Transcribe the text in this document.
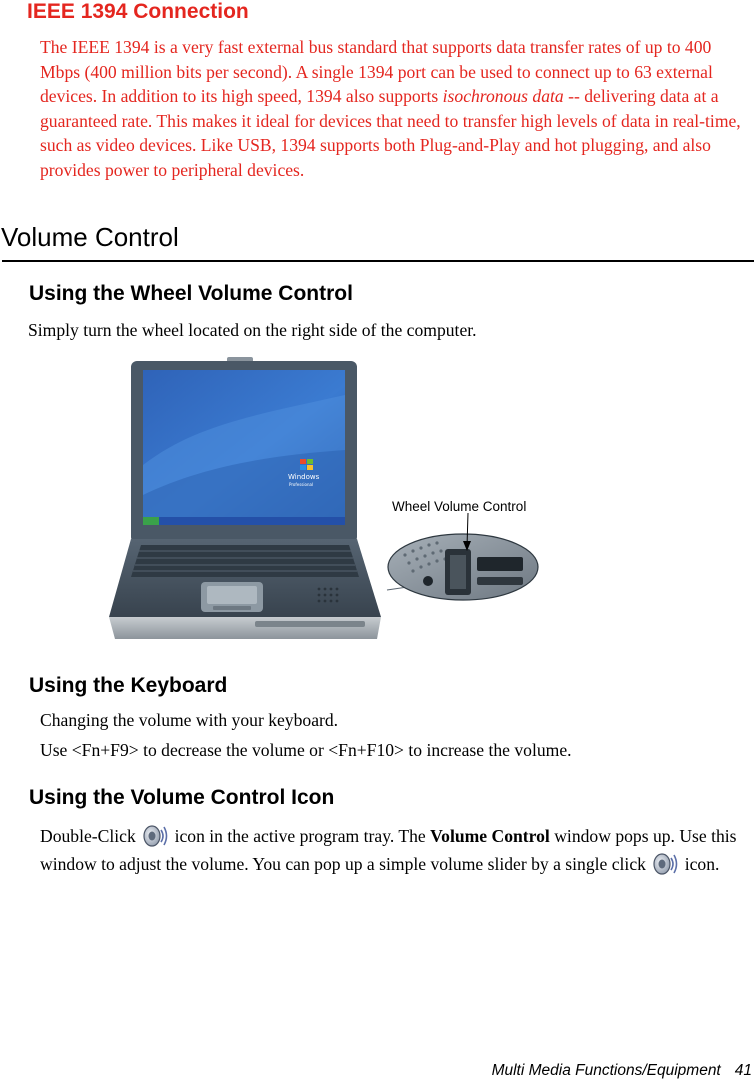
IEEE 1394 Connection

The IEEE 1394 is a very fast external bus standard that supports data transfer rates of up to 400 Mbps (400 million bits per second). A single 1394 port can be used to connect up to 63 external devices. In addition to its high speed, 1394 also supports isochronous data -- delivering data at a guaranteed rate. This makes it ideal for devices that need to transfer high levels of data in real-time, such as video devices. Like USB, 1394 supports both Plug-and-Play and hot plugging, and also provides power to peripheral devices.

Volume Control
Using the Wheel Volume Control
Simply turn the wheel located on the right side of the computer.
Windows
Professional
Wheel Volume Control
Using the Keyboard
Changing the volume with your keyboard.
Use <Fn+F9> to decrease the volume or <Fn+F10> to increase the volume.
Using the Volume Control Icon

Double-Click  icon in the active program tray. The Volume Control window pops up. Use this window to adjust the volume. You can pop up a simple volume slider by a single click  icon.

Multi Media Functions/Equipment 41
